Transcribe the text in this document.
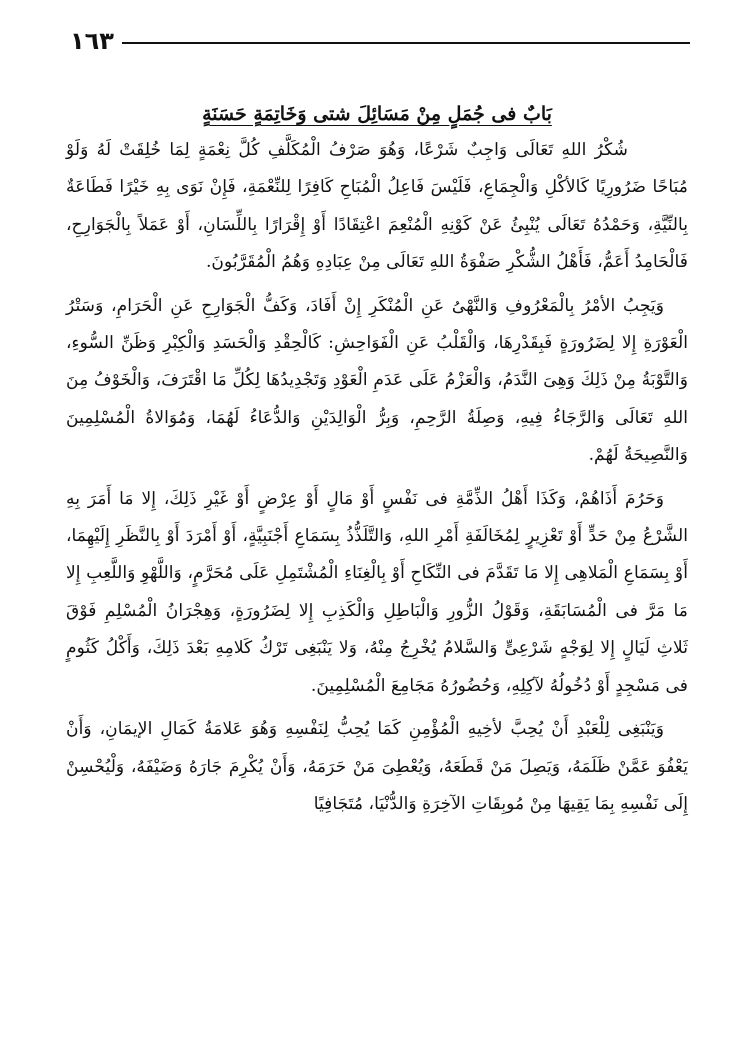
١٦٣
بَابٌ فى جُمَلٍ مِنْ مَسَائِلَ شتى وَخَاتِمَةٍ حَسَنَةٍ

شُكْرُ اللهِ تَعَالَى وَاجِبٌ شَرْعًا، وَهُوَ صَرْفُ الْمُكَلَّفِ كُلَّ نِعْمَةٍ لِمَا خُلِقَتْ لَهُ وَلَوْ مُبَاحًا ضَرُورِيًا كَالأكْلِ وَالْجِمَاعِ، فَلَيْسَ فَاعِلُ الْمُبَاحِ كَافِرًا لِلنِّعْمَةِ، فَإِنْ نَوَى بِهِ خَيْرًا فَطَاعَةٌ بِالنِّيَّةِ، وَحَمْدُهُ تَعَالَى يُنْبِئُ عَنْ كَوْنِهِ الْمُنْعِمَ اعْتِقَادًا أَوْ إِقْرَارًا بِاللِّسَانِ، أَوْ عَمَلاً بِالْجَوَارِحِ، فَالْحَامِدُ أَعَمُّ، فَأَهْلُ الشُّكْرِ صَفْوَةُ اللهِ تَعَالَى مِنْ عِبَادِهِ وَهُمُ الْمُقَرَّبُونَ.

وَيَجِبُ الأمْرُ بِالْمَعْرُوفِ وَالنَّهْىُ عَنِ الْمُنْكَرِ إِنْ أَفَادَ، وَكَفُّ الْجَوَارِحِ عَنِ الْحَرَامِ، وَسَتْرُ الْعَوْرَةِ إِلا لِضَرُورَةٍ فَبِقَدْرِهَا، وَالْقَلْبُ عَنِ الْفَوَاحِشِ: كَالْحِقْدِ وَالْحَسَدِ وَالْكِبْرِ وَظَنِّ السُّوءِ، وَالتَّوْبَةُ مِنْ ذَلِكَ وَهِىَ النَّدَمُ، وَالْعَزْمُ عَلَى عَدَمِ الْعَوْدِ وَتَجْدِيدُهَا لِكُلِّ مَا اقْتَرَفَ، وَالْخَوْفُ مِنَ اللهِ تَعَالَى وَالرَّجَاءُ فِيهِ، وَصِلَةُ الرَّحِمِ، وَبِرُّ الْوَالِدَيْنِ وَالدُّعَاءُ لَهُمَا، وَمُوَالاةُ الْمُسْلِمِينَ وَالنَّصِيحَةُ لَهُمْ.

وَحَرُمَ أَذَاهُمْ، وَكَذَا أَهْلُ الذِّمَّةِ فى نَفْسٍ أَوْ مَالٍ أَوْ عِرْضٍ أَوْ غَيْرِ ذَلِكَ، إِلا مَا أَمَرَ بِهِ الشَّرْعُ مِنْ حَدٍّ أَوْ تَعْزِيرٍ لِمُخَالَفَةِ أَمْرِ اللهِ، وَالتَّلَذُّذُ بِسَمَاعِ أَجْنَبِيَّةٍ، أَوْ أَمْرَدَ أَوْ بِالنَّظَرِ إِلَيْهِمَا، أَوْ بِسَمَاعِ الْمَلاهِى إِلا مَا تَقَدَّمَ فى النِّكَاحِ أَوْ بِالْغِنَاءِ الْمُشْتَمِلِ عَلَى مُحَرَّمٍ، وَاللَّهْوِ وَاللَّعِبِ إِلا مَا مَرَّ فى الْمُسَابَقَةِ، وَقَوْلُ الزُّورِ وَالْبَاطِلِ وَالْكَذِبِ إِلا لِضَرُورَةٍ، وَهِجْرَانُ الْمُسْلِمِ فَوْقَ ثَلاثِ لَيَالٍ إِلا لِوَجْهٍ شَرْعِىٍّ وَالسَّلامُ يُخْرِجُ مِنْهُ، وَلا يَنْبَغِى تَرْكُ كَلامِهِ بَعْدَ ذَلِكَ، وَأَكْلُ كَثُومٍ فى مَسْجِدٍ أَوْ دُخُولُهُ لآكِلِهِ، وَحُضُورُهُ مَجَامِعَ الْمُسْلِمِينَ.

وَيَنْبَغِى لِلْعَبْدِ أَنْ يُحِبَّ لأخِيهِ الْمُؤْمِنِ كَمَا يُحِبُّ لِنَفْسِهِ وَهُوَ عَلامَةُ كَمَالِ الإيمَانِ، وَأَنْ يَعْفُوَ عَمَّنْ ظَلَمَهُ، وَيَصِلَ مَنْ قَطَعَهُ، وَيُعْطِىَ مَنْ حَرَمَهُ، وَأَنْ يُكْرِمَ جَارَهُ وَضَيْفَهُ، وَلْيُحْسِنْ إِلَى نَفْسِهِ بِمَا يَقِيهَا مِنْ مُوبِقَاتِ الآخِرَةِ وَالدُّنْيَا، مُتَجَافِيًا
